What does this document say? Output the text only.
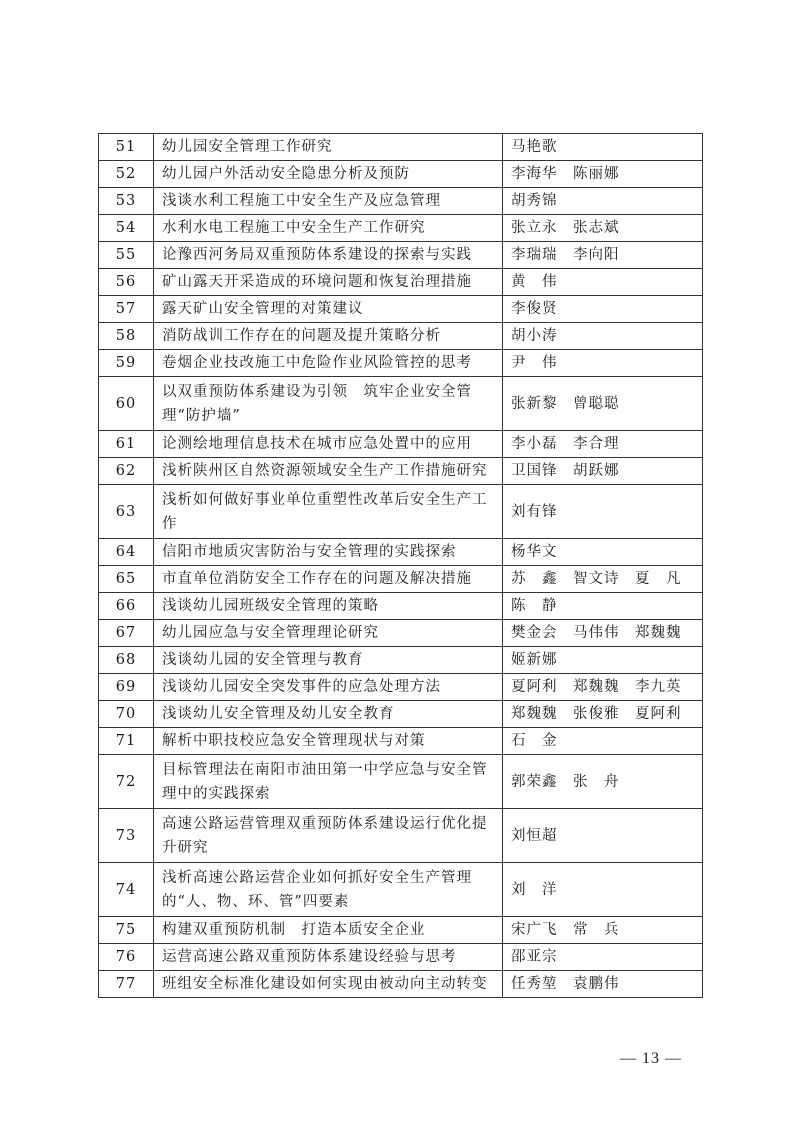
51	幼儿园安全管理工作研究	马艳歌
52	幼儿园户外活动安全隐患分析及预防	李海华　陈丽娜
53	浅谈水利工程施工中安全生产及应急管理	胡秀锦
54	水利水电工程施工中安全生产工作研究	张立永　张志斌
55	论豫西河务局双重预防体系建设的探索与实践	李瑞瑞　李向阳
56	矿山露天开采造成的环境问题和恢复治理措施	黄　伟
57	露天矿山安全管理的对策建议	李俊贤
58	消防战训工作存在的问题及提升策略分析	胡小涛
59	卷烟企业技改施工中危险作业风险管控的思考	尹　伟
60	以双重预防体系建设为引领　筑牢企业安全管理“防护墙”	张新黎　曾聪聪
61	论测绘地理信息技术在城市应急处置中的应用	李小磊　李合理
62	浅析陕州区自然资源领域安全生产工作措施研究	卫国锋　胡跃娜
63	浅析如何做好事业单位重塑性改革后安全生产工作	刘有锋
64	信阳市地质灾害防治与安全管理的实践探索	杨华文
65	市直单位消防安全工作存在的问题及解决措施	苏　鑫　智文诗　夏　凡
66	浅谈幼儿园班级安全管理的策略	陈　静
67	幼儿园应急与安全管理理论研究	樊金会　马伟伟　郑魏魏
68	浅谈幼儿园的安全管理与教育	姬新娜
69	浅谈幼儿园安全突发事件的应急处理方法	夏阿利　郑魏魏　李九英
70	浅谈幼儿安全管理及幼儿安全教育	郑魏魏　张俊雅　夏阿利
71	解析中职技校应急安全管理现状与对策	石　金
72	目标管理法在南阳市油田第一中学应急与安全管理中的实践探索	郭荣鑫　张　舟
73	高速公路运营管理双重预防体系建设运行优化提升研究	刘恒超
74	浅析高速公路运营企业如何抓好安全生产管理的“人、物、环、管”四要素	刘　洋
75	构建双重预防机制　打造本质安全企业	宋广飞　常　兵
76	运营高速公路双重预防体系建设经验与思考	邵亚宗
77	班组安全标准化建设如何实现由被动向主动转变	任秀堃　袁鹏伟
— 13 —
